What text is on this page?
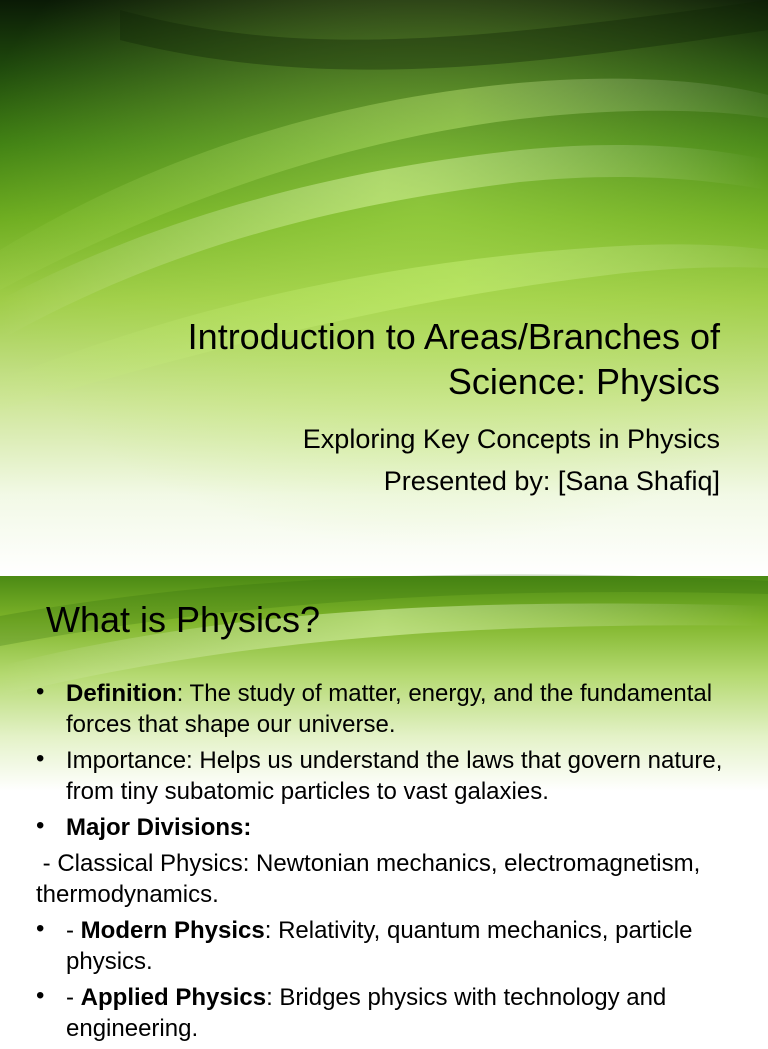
Introduction to Areas/Branches of
Science: Physics
Exploring Key Concepts in Physics
Presented by: [Sana Shafiq]
What is Physics?
• Definition: The study of matter, energy, and the fundamental forces that shape our universe.
• Importance: Helps us understand the laws that govern nature, from tiny subatomic particles to vast galaxies.
• Major Divisions:
- Classical Physics: Newtonian mechanics, electromagnetism, thermodynamics.
• - Modern Physics: Relativity, quantum mechanics, particle physics.
• - Applied Physics: Bridges physics with technology and engineering.
